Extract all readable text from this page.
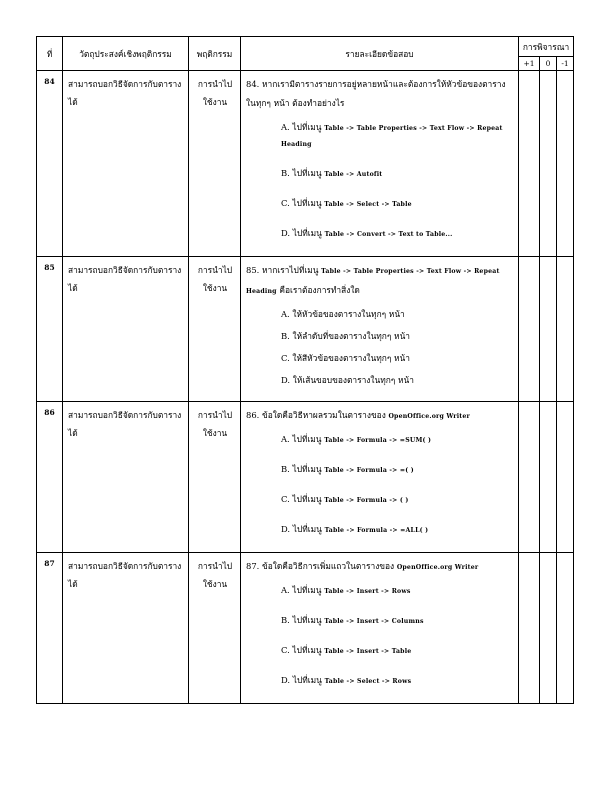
ที่	วัตถุประสงค์เชิงพฤติกรรม	พฤติกรรม	รายละเอียดข้อสอบ	การพิจารณา		
				+1	0	-1
84	สามารถบอกวิธีจัดการกับตารางได้	การนำไปใช้งาน	84. หากเรามีตารางรายการอยู่หลายหน้าและต้องการให้หัวข้อของตารางในทุกๆ หน้า ต้องทำอย่างไร
A. ไปที่เมนู Table -> Table Properties -> Text Flow -> Repeat Heading
B. ไปที่เมนู Table -> Autofit
C. ไปที่เมนู Table -> Select -> Table
D. ไปที่เมนู Table -> Convert -> Text to Table...			

85	สามารถบอกวิธีจัดการกับตารางได้	การนำไปใช้งาน	85. หากเราไปที่เมนู Table -> Table Properties -> Text Flow -> Repeat Heading คือเราต้องการทำสิ่งใด
A. ให้หัวข้อของตารางในทุกๆ หน้า
B. ให้ลำดับที่ของตารางในทุกๆ หน้า
C. ให้สีหัวข้อของตารางในทุกๆ หน้า
D. ให้เส้นขอบของตารางในทุกๆ หน้า			

86	สามารถบอกวิธีจัดการกับตารางได้	การนำไปใช้งาน	86. ข้อใดคือวิธีหาผลรวมในตารางของ OpenOffice.org Writer
A. ไปที่เมนู Table -> Formula -> =SUM( )
B. ไปที่เมนู Table -> Formula -> =( )
C. ไปที่เมนู Table -> Formula -> ( )
D. ไปที่เมนู Table -> Formula -> =ALL( )			

87	สามารถบอกวิธีจัดการกับตารางได้	การนำไปใช้งาน	87. ข้อใดคือวิธีการเพิ่มแถวในตารางของ OpenOffice.org Writer
A. ไปที่เมนู Table -> Insert -> Rows
B. ไปที่เมนู Table -> Insert -> Columns
C. ไปที่เมนู Table -> Insert -> Table
D. ไปที่เมนู Table -> Select -> Rows			
